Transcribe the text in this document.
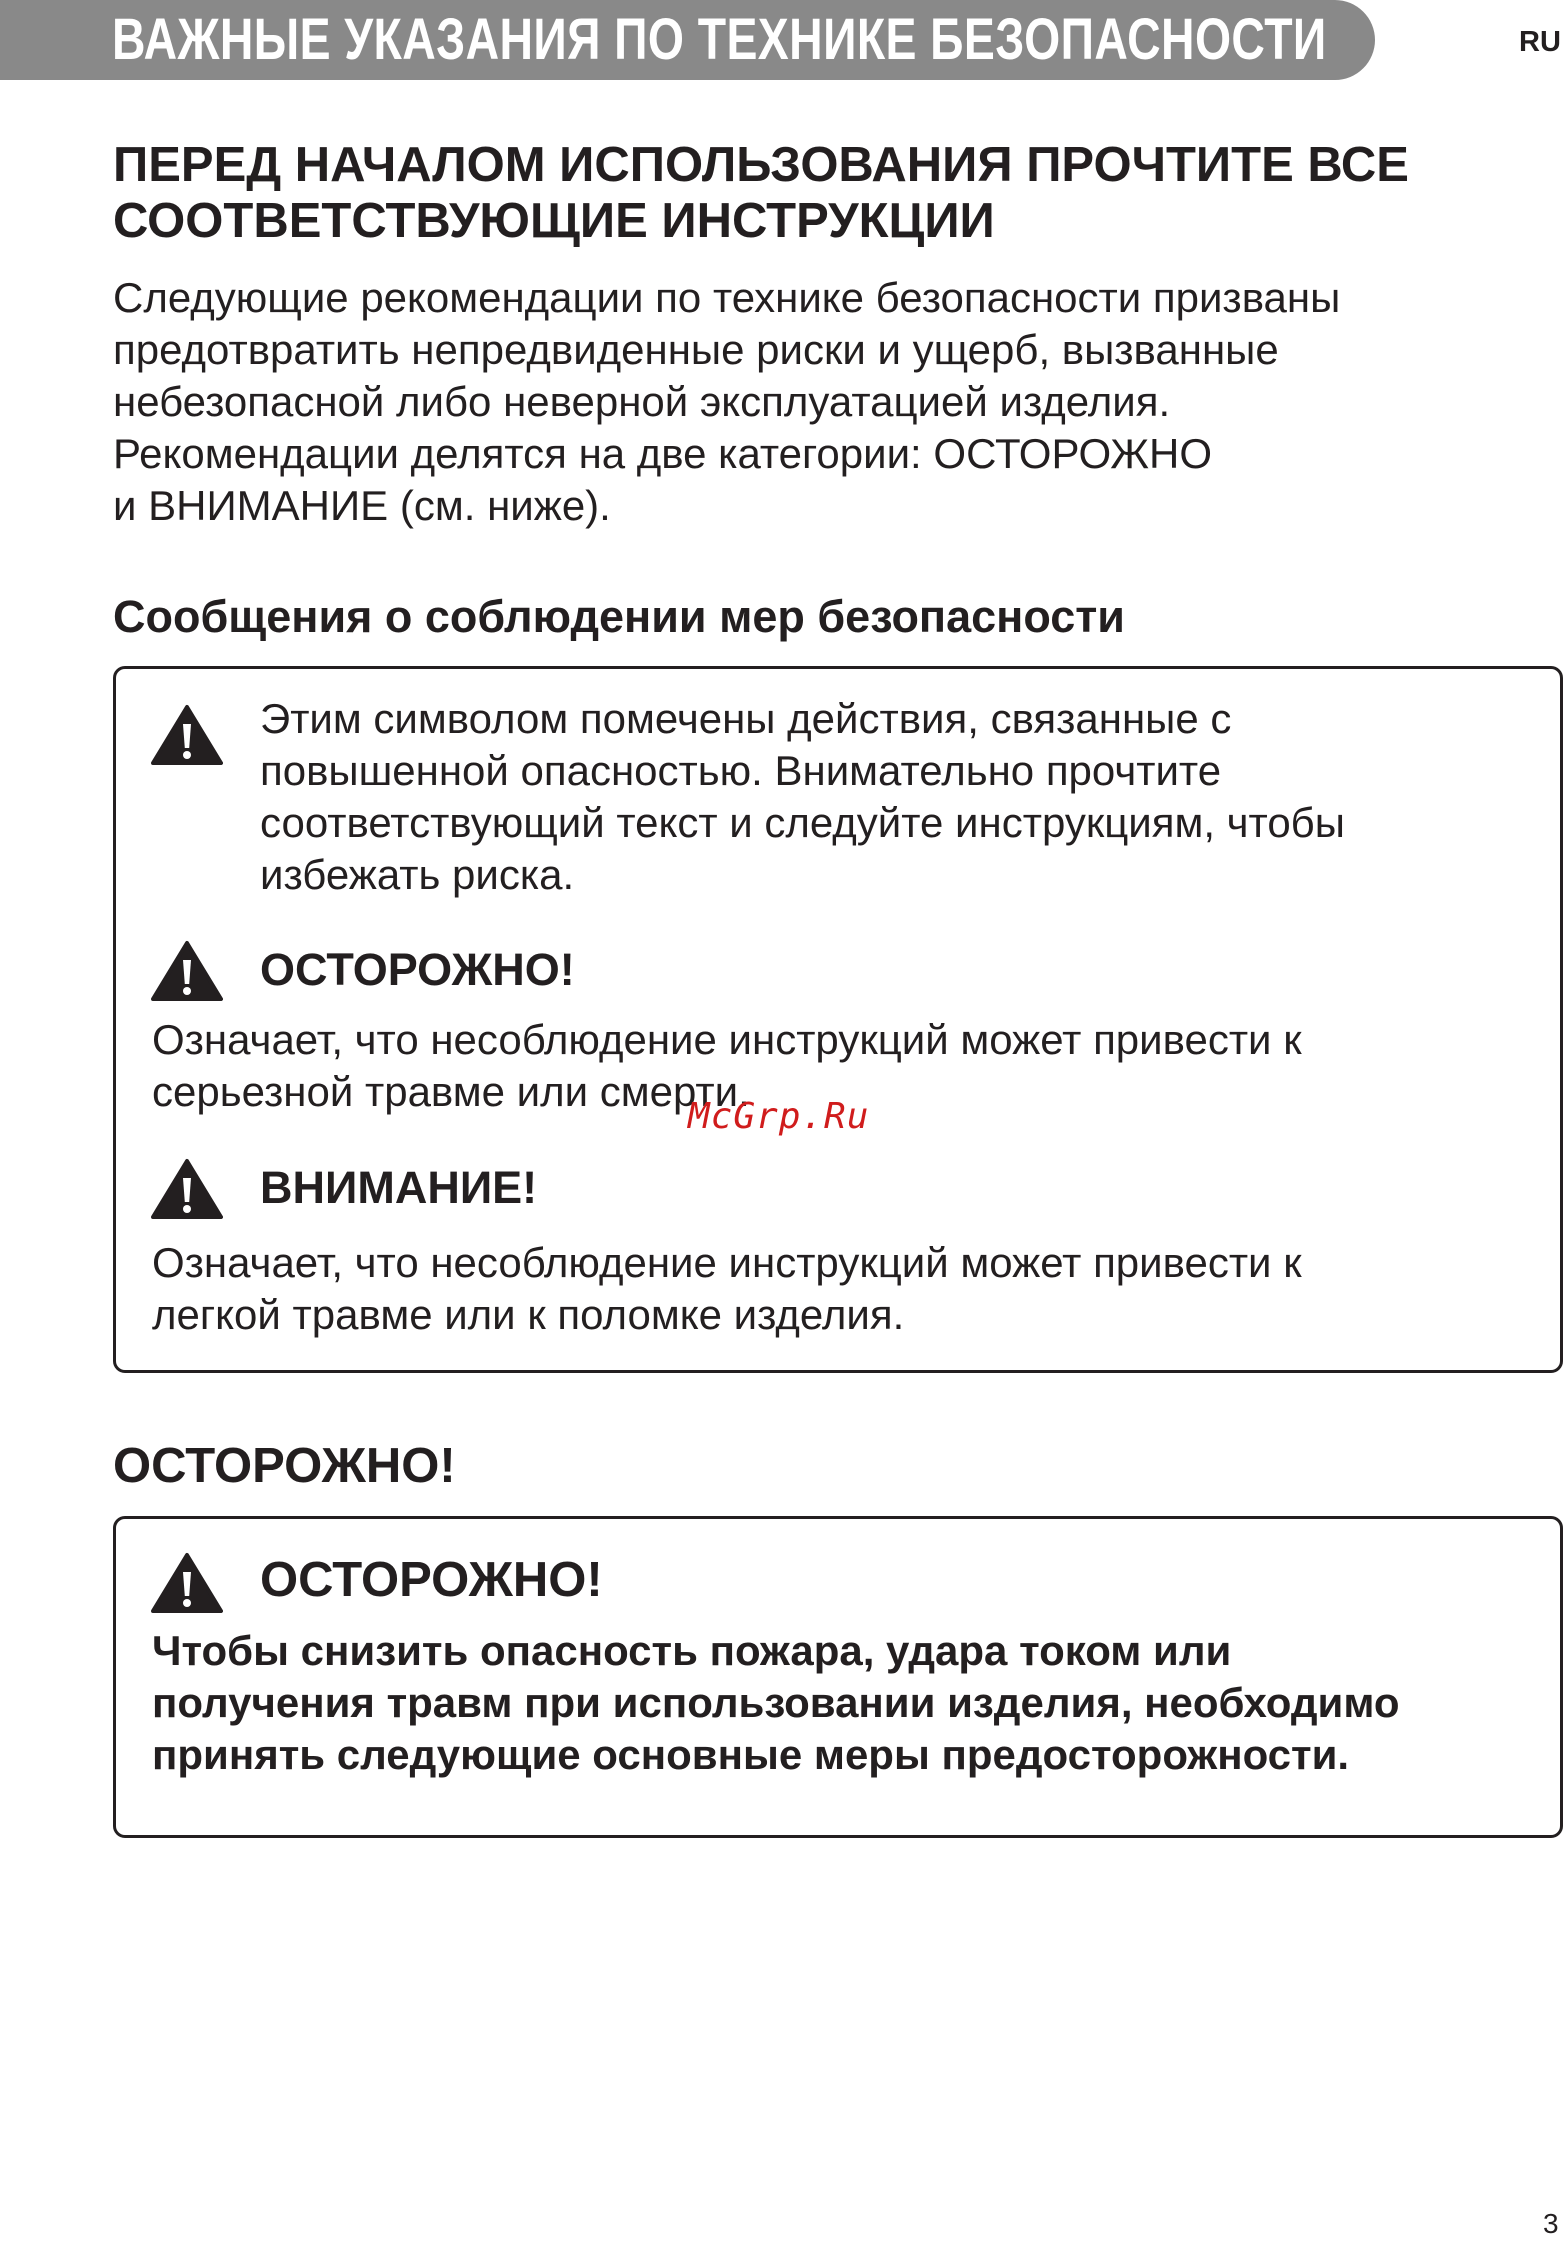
ВАЖНЫЕ УКАЗАНИЯ ПО ТЕХНИКЕ БЕЗОПАСНОСТИ	RU
ПЕРЕД НАЧАЛОМ ИСПОЛЬЗОВАНИЯ ПРОЧТИТЕ ВСЕ
СООТВЕТСТВУЮЩИЕ ИНСТРУКЦИИ

Следующие рекомендации по технике безопасности призваны
предотвратить непредвиденные риски и ущерб, вызванные
небезопасной либо неверной эксплуатацией изделия.
Рекомендации делятся на две категории: ОСТОРОЖНО
и ВНИМАНИЕ (см. ниже).

Сообщения о соблюдении мер безопасности

Этим символом помечены действия, связанные с
повышенной опасностью. Внимательно прочтите
соответствующий текст и следуйте инструкциям, чтобы
избежать риска.

ОСТОРОЖНО!

Означает, что несоблюдение инструкций может привести к
серьезной травме или смерти.

ВНИМАНИЕ!

Означает, что несоблюдение инструкций может привести к
легкой травме или к поломке изделия.

McGrp.Ru
ОСТОРОЖНО!
ОСТОРОЖНО!

Чтобы снизить опасность пожара, удара током или
получения травм при использовании изделия, необходимо
принять следующие основные меры предосторожности.

3
